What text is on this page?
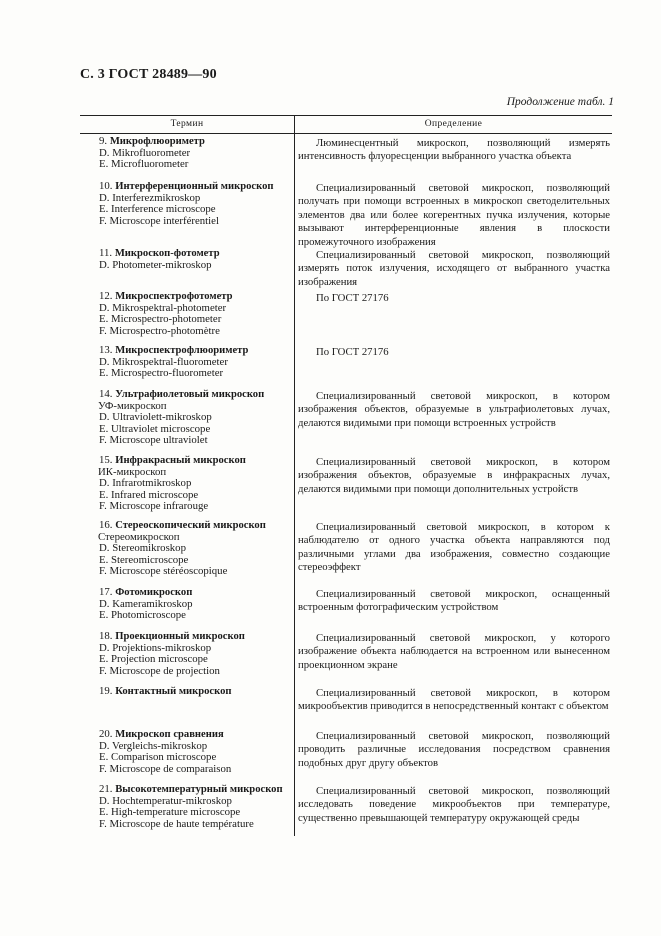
С. 3 ГОСТ 28489—90
Продолжение табл. 1
Термин	Определение
9. Микрофлюориметр
D. Mikrofluorometer
E. Microfluorometer

Люминесцентный микроскоп, позволяющий измерять интенсивность флуоресценции выбранного участка объекта

10. Интерференционный микроскоп
D. Interferezmikroskop
E. Interference microscope
F. Microscope interférentiel

Специализированный световой микроскоп, позволяющий получать при помощи встроенных в микроскоп светоделительных элементов два или более когерентных пучка излучения, которые вызывают интерференционные явления в плоскости промежуточного изображения

11. Микроскоп-фотометр
D. Photometer-mikroskop

Специализированный световой микроскоп, позволяющий измерять поток излучения, исходящего от выбранного участка изображения

12. Микроспектрофотометр
D. Mikrospektral-photometer
E. Microspectro-photometer
F. Microspectro-photomètre

По ГОСТ 27176

13. Микроспектрофлюориметр
D. Mikrospektral-fluorometer
E. Microspectro-fluorometer

По ГОСТ 27176

14. Ультрафиолетовый микроскоп
УФ-микроскоп
D. Ultraviolett-mikroskop
E. Ultraviolet microscope
F. Microscope ultraviolet

Специализированный световой микроскоп, в котором изображения объектов, образуемые в ультрафиолетовых лучах, делаются видимыми при помощи встроенных устройств

15. Инфракрасный микроскоп
ИК-микроскоп
D. Infrarotmikroskop
E. Infrared microscope
F. Microscope infrarouge

Специализированный световой микроскоп, в котором изображения объектов, образуемые в инфракрасных лучах, делаются видимыми при помощи дополнительных устройств

16. Стереоскопический микроскоп
Стереомикроскоп
D. Stereomikroskop
E. Stereomicroscope
F. Microscope stéréoscopique

Специализированный световой микроскоп, в котором к наблюдателю от одного участка объекта направляются под различными углами два изображения, совместно создающие стереоэффект

17. Фотомикроскоп
D. Kameramikroskop
E. Photomicroscope

Специализированный световой микроскоп, оснащенный встроенным фотографическим устройством

18. Проекционный микроскоп
D. Projektions-mikroskop
E. Projection microscope
F. Microscope de projection

Специализированный световой микроскоп, у которого изображение объекта наблюдается на встроенном или вынесенном проекционном экране

19. Контактный микроскоп	Специализированный световой микроскоп, в котором микрообъектив приводится в непосредственный контакт с объектом

20. Микроскоп сравнения
D. Vergleichs-mikroskop
E. Comparison microscope
F. Microscope de comparaison

Специализированный световой микроскоп, позволяющий проводить различные исследования посредством сравнения подобных друг другу объектов

21. Высокотемпературный микроскоп
D. Hochtemperatur-mikroskop
E. High-temperature microscope
F. Microscope de haute température

Специализированный световой микроскоп, позволяющий исследовать поведение микрообъектов при температуре, существенно превышающей температуру окружающей среды
